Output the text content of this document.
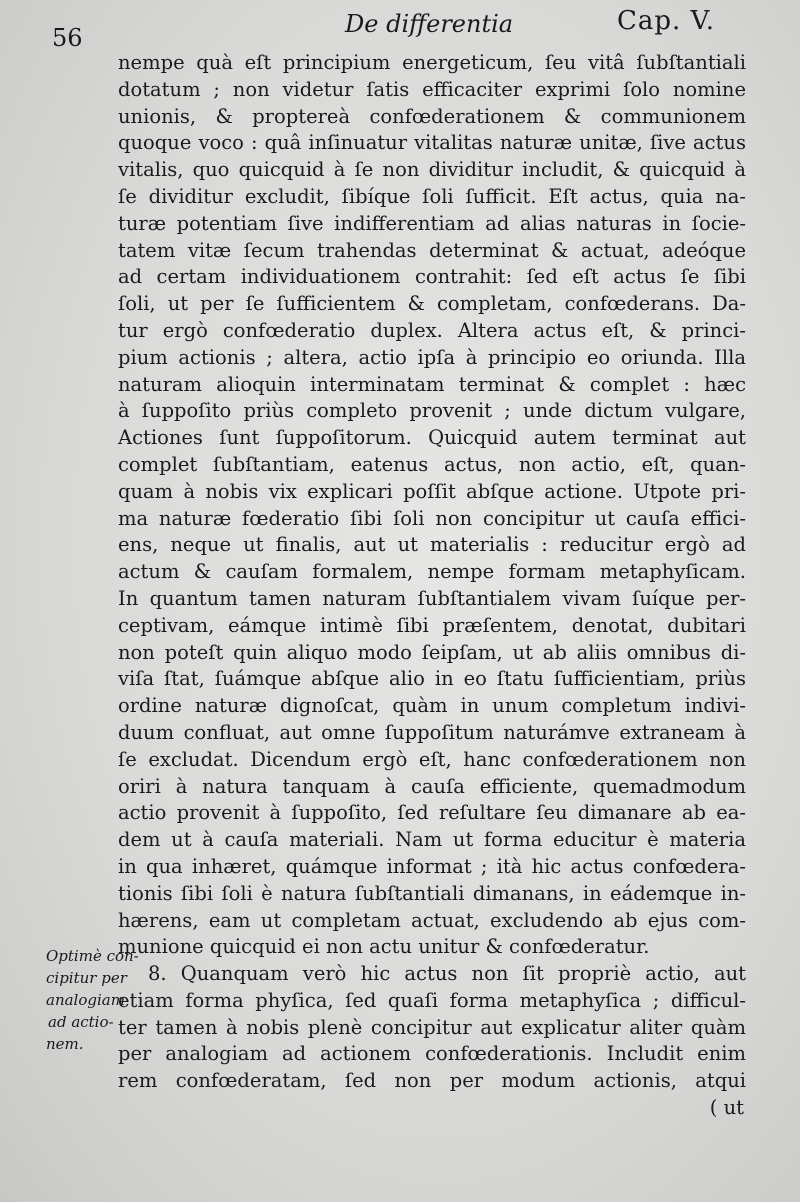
56	De differentia	Cap. V.
nempe quà eſt principium energeticum, ſeu vitâ ſubſtantiali
dotatum ; non videtur ſatis efficaciter exprimi ſolo nomine
unionis, & proptereà confœderationem & communionem
quoque voco : quâ inſinuatur vitalitas naturæ unitæ, ſive actus
vitalis, quo quicquid à ſe non dividitur includit, & quicquid à
ſe dividitur excludit, ſibíque ſoli ſufficit. Eſt actus, quia na-
turæ potentiam ſive indifferentiam ad alias naturas in ſocie-
tatem vitæ ſecum trahendas determinat & actuat, adeóque
ad certam individuationem contrahit: ſed eſt actus ſe ſibi
ſoli, ut per ſe ſufficientem & completam, confœderans. Da-
tur ergò confœderatio duplex. Altera actus eſt, & princi-
pium actionis ; altera, actio ipſa à principio eo oriunda. Illa
naturam alioquin interminatam terminat & complet : hæc
à ſuppoſito priùs completo provenit ; unde dictum vulgare,
Actiones ſunt ſuppoſitorum. Quicquid autem terminat aut
complet ſubſtantiam, eatenus actus, non actio, eſt, quan-
quam à nobis vix explicari poſſit abſque actione. Utpote pri-
ma naturæ fœderatio ſibi ſoli non concipitur ut cauſa effici-
ens, neque ut finalis, aut ut materialis : reducitur ergò ad
actum & cauſam formalem, nempe formam metaphyſicam.
In quantum tamen naturam ſubſtantialem vivam ſuíque per-
ceptivam, eámque intimè ſibi præſentem, denotat, dubitari
non poteſt quin aliquo modo ſeipſam, ut ab aliis omnibus di-
viſa ſtat, ſuámque abſque alio in eo ſtatu ſufficientiam, priùs
ordine naturæ dignoſcat, quàm in unum completum indivi-
duum confluat, aut omne ſuppoſitum naturámve extraneam à
ſe excludat. Dicendum ergò eſt, hanc confœderationem non
oriri à natura tanquam à cauſa efficiente, quemadmodum
actio provenit à ſuppoſito, ſed reſultare ſeu dimanare ab ea-
dem ut à cauſa materiali. Nam ut forma educitur è materia
in qua inhæret, quámque informat ; ità hic actus confœdera-
tionis ſibi ſoli è natura ſubſtantiali dimanans, in eádemque in-
hærens, eam ut completam actuat, excludendo ab ejus com-
munione quicquid ei non actu unitur & confœderatur.
8. Quanquam verò hic actus non ſit propriè actio, aut
etiam forma phyſica, ſed quaſi forma metaphyſica ; difficul-
ter tamen à nobis plenè concipitur aut explicatur aliter quàm
per analogiam ad actionem confœderationis. Includit enim
rem confœderatam, ſed non per modum actionis, atqui
( ut
Optimè con-
cipitur per
analogiam
ad actio-
nem.
